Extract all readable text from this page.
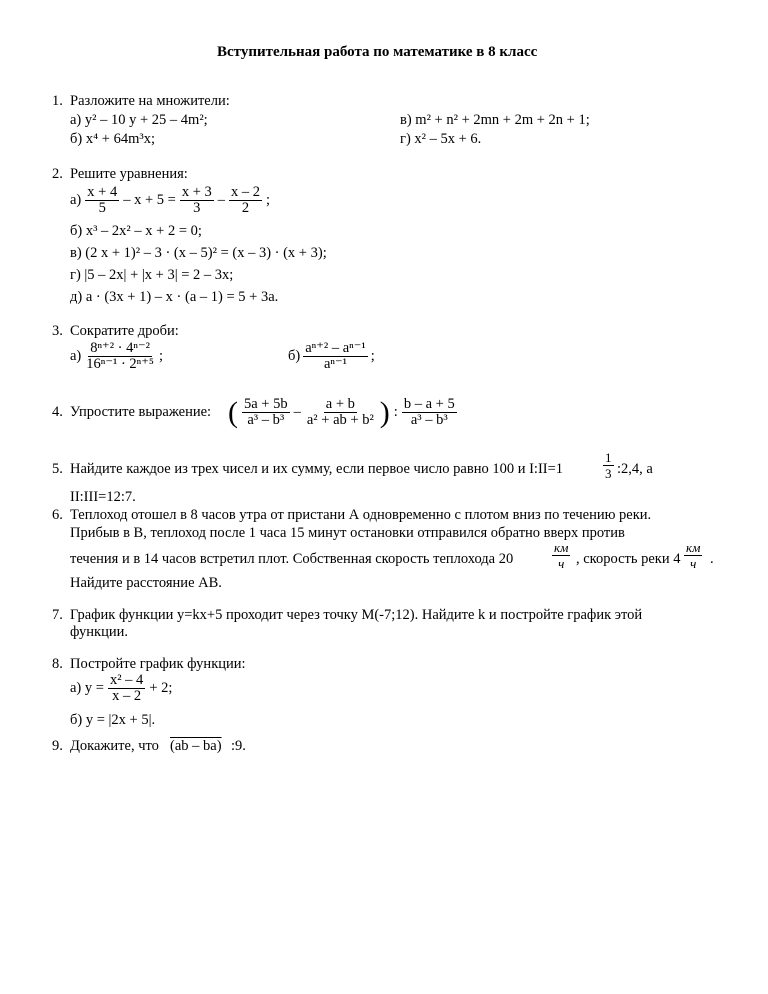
Вступительная работа по математике в 8 класс
1. Разложите на множители:
а) y² – 10 y + 25 – 4m²;
б) x⁴ + 64m³x;
в) m² + n² + 2mn + 2m + 2n + 1;
г) x² – 5x + 6.
2. Решите уравнения:
$а) \frac{x + 4}{5} - x + 5 = \frac{x + 3}{3} - \frac{x - 2}{2}$ ;
б) x³ – 2x² – x + 2 = 0;
в) (2 x + 1)² – 3 · (x – 5)² = (x – 3) · (x + 3);
г) |5 – 2x| + |x + 3| = 2 – 3x;
д) a · (3x + 1) – x · (a – 1) = 5 + 3a.
3. Сократите дроби:
$а) \frac{\text{8ⁿ⁺² · 4ⁿ⁻²}}{\text{16ⁿ⁻¹ · 2ⁿ⁺⁵}}$ ;	$б) \frac{\text{aⁿ⁺² – aⁿ⁻¹}}{\text{aⁿ⁻¹}}$ ;
4. Упростите выражение: ( $\frac{5a + 5b}{\text{a³ – b³}} - \frac{a + b}{\text{a² + ab + b²}}$ ) : $\frac{b - a + 5}{\text{a³ – b³}}$
5. Найдите каждое из трех чисел и их сумму, если первое число равно 100 и I:II=1	$\frac{1}{3}$ :2,4, а
II:III=12:7.
6. Теплоход отошел в 8 часов утра от пристани А одновременно с плотом вниз по течению реки.
Прибыв в В, теплоход после 1 часа 15 минут остановки отправился обратно вверх против
течения и в 14 часов встретил плот. Собственная скорость теплохода 20	$\frac{км}{ч}$ , скорость реки $4 \frac{км}{ч}$ .
Найдите расстояние АВ.
7. График функции y=kx+5 проходит через точку M(-7;12). Найдите k и постройте график этой
функции.
8. Постройте график функции:
а) $y = \frac{\text{x² – 4}}{x - 2} + 2$;
б) y = |2x + 5|.
9. Докажите, что (ab – ba) :9.
